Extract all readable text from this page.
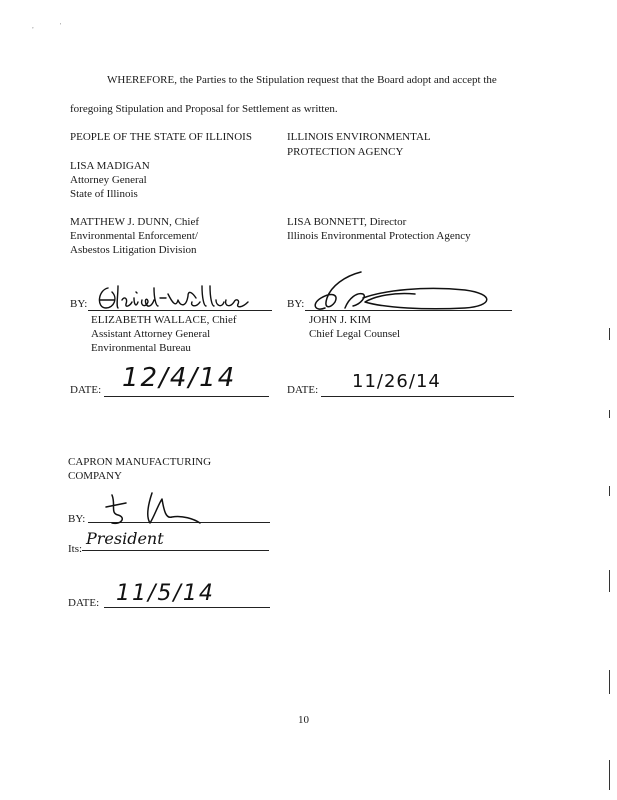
,	'
WHEREFORE, the Parties to the Stipulation request that the Board adopt and accept the
foregoing Stipulation and Proposal for Settlement as written.
PEOPLE OF THE STATE OF ILLINOIS
LISA MADIGAN
Attorney General
State of Illinois
MATTHEW J. DUNN, Chief
Environmental Enforcement/
Asbestos Litigation Division
ILLINOIS ENVIRONMENTAL
PROTECTION AGENCY
LISA BONNETT, Director
Illinois Environmental Protection Agency
BY:
ELIZABETH WALLACE, Chief
Assistant Attorney General
Environmental Bureau
BY:
JOHN J. KIM
Chief Legal Counsel
DATE: 12/4/14	DATE: 11/26/14
CAPRON MANUFACTURING
COMPANY
BY:
Its:
President
DATE: 11/5/14
10
